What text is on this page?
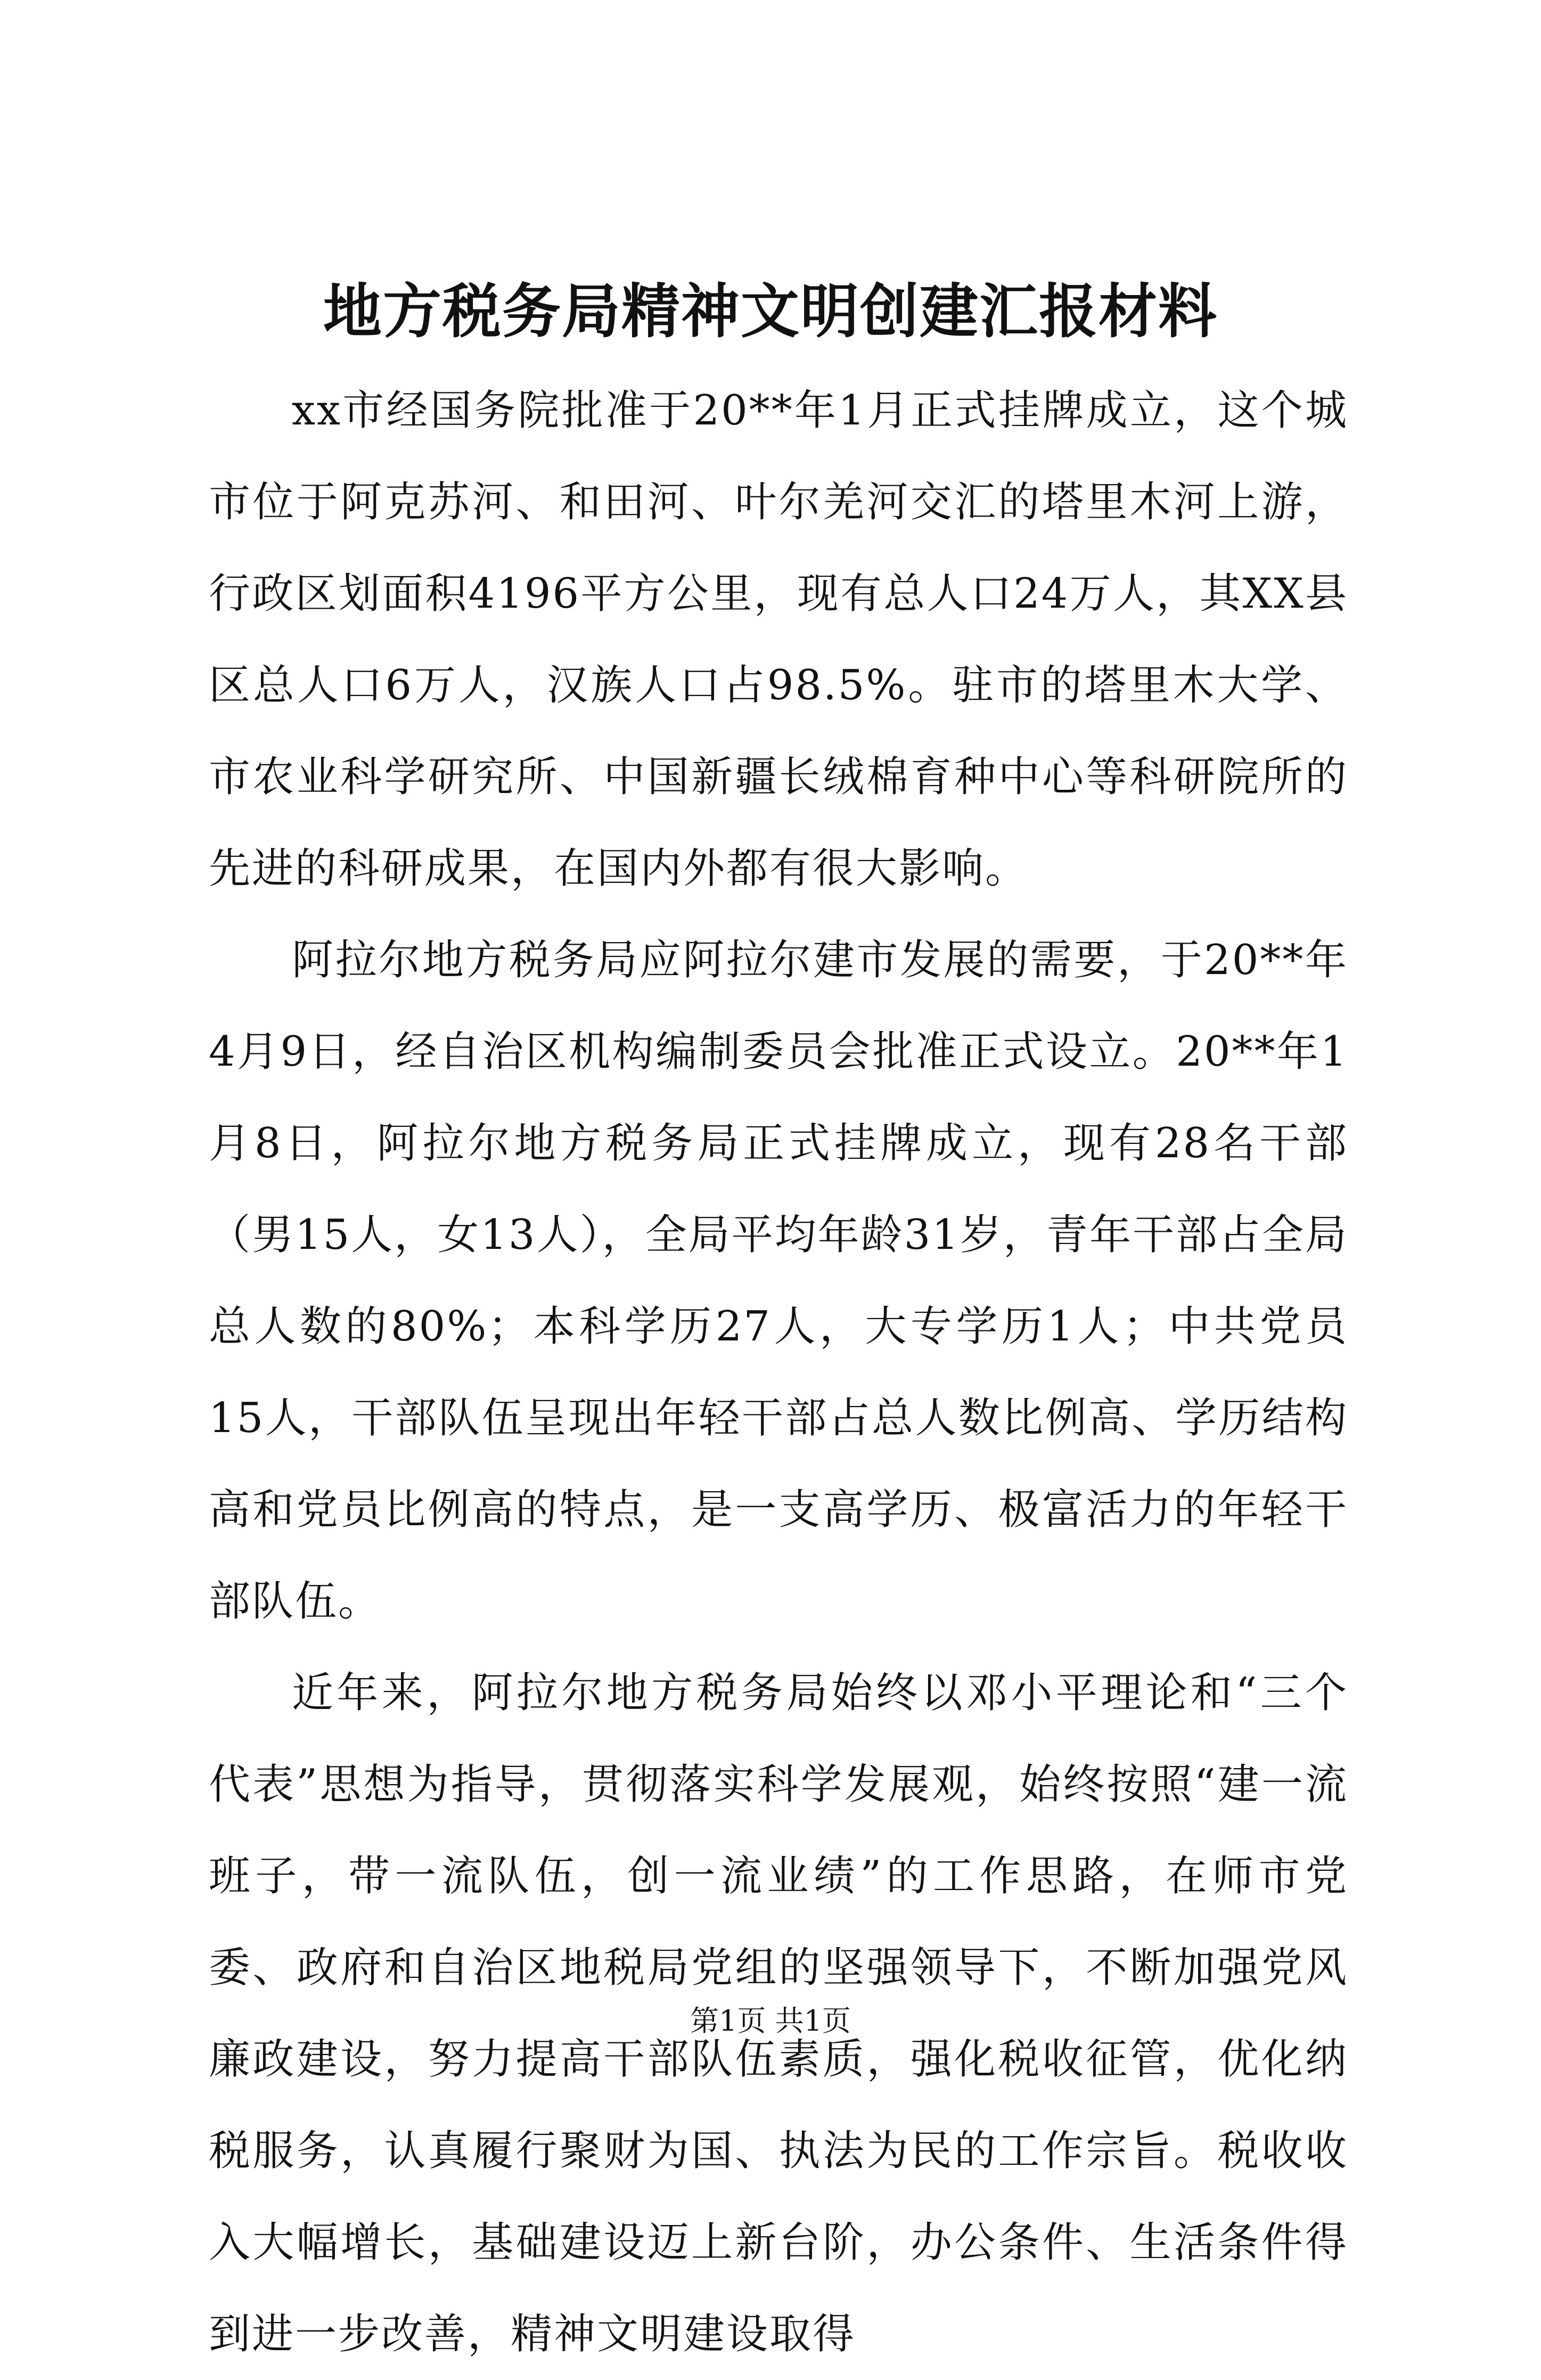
地方税务局精神文明创建汇报材料

xx市经国务院批准于20**年1月正式挂牌成立，这个城市位于阿克苏河、和田河、叶尔羌河交汇的塔里木河上游，行政区划面积4196平方公里，现有总人口24万人，其XX县区总人口6万人，汉族人口占98.5%。驻市的塔里木大学、市农业科学研究所、中国新疆长绒棉育种中心等科研院所的先进的科研成果，在国内外都有很大影响。

阿拉尔地方税务局应阿拉尔建市发展的需要，于20**年4月9日，经自治区机构编制委员会批准正式设立。20**年1月8日，阿拉尔地方税务局正式挂牌成立，现有28名干部（男15人，女13人），全局平均年龄31岁，青年干部占全局总人数的80%；本科学历27人，大专学历1人；中共党员15人，干部队伍呈现出年轻干部占总人数比例高、学历结构高和党员比例高的特点，是一支高学历、极富活力的年轻干部队伍。

近年来，阿拉尔地方税务局始终以邓小平理论和“三个代表”思想为指导，贯彻落实科学发展观，始终按照“建一流班子，带一流队伍，创一流业绩”的工作思路，在师市党委、政府和自治区地税局党组的坚强领导下，不断加强党风廉政建设，努力提高干部队伍素质，强化税收征管，优化纳税服务，认真履行聚财为国、执法为民的工作宗旨。税收收入大幅增长，基础建设迈上新台阶，办公条件、生活条件得到进一步改善，精神文明建设取得

第1页 共1页
